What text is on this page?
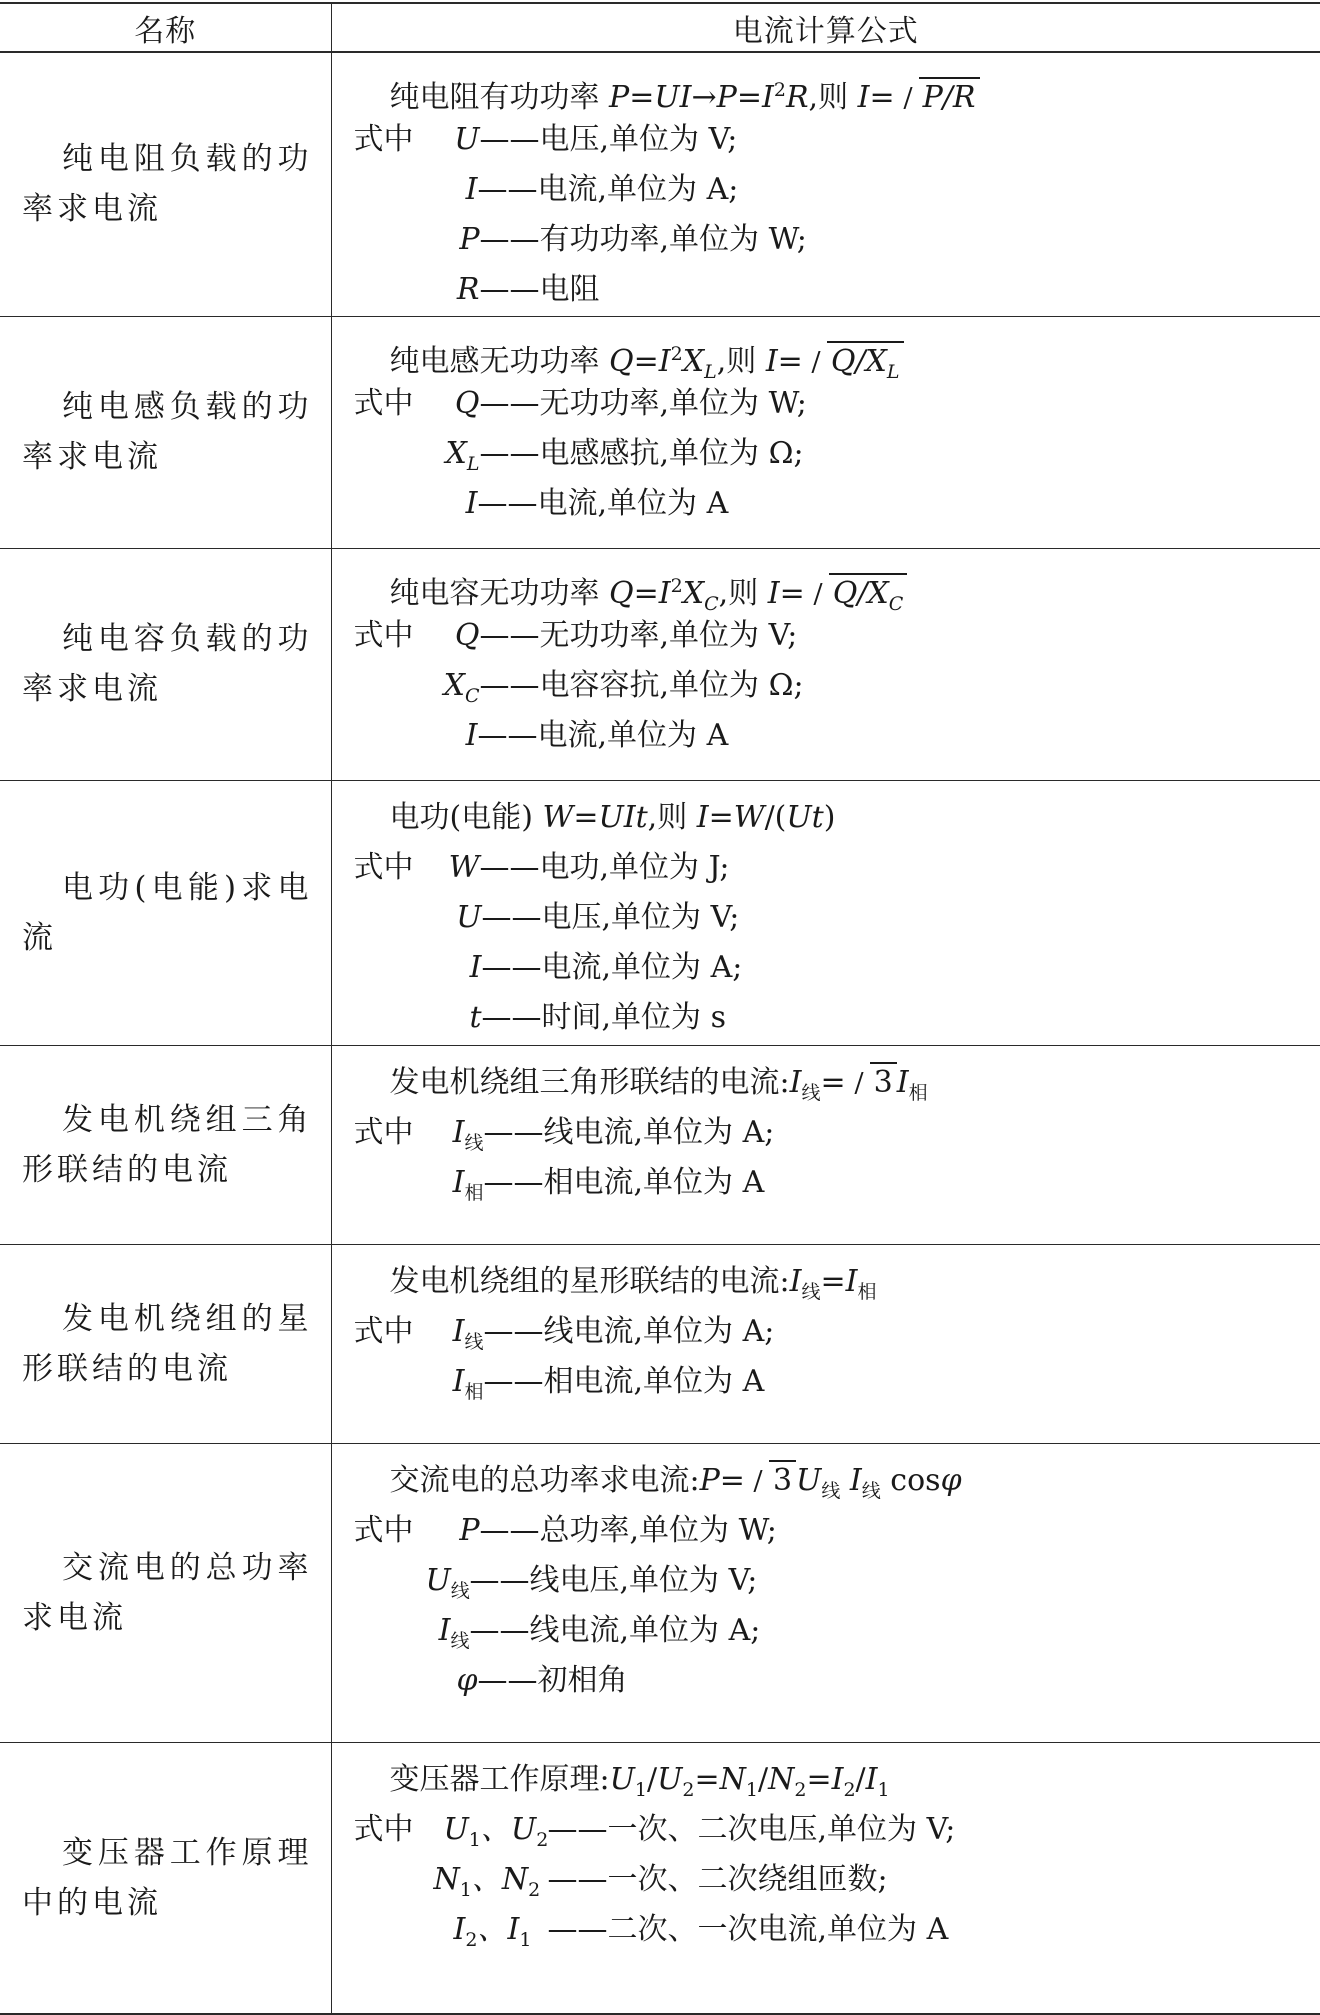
名称	电流计算公式

纯电阻负载的功率求电流	纯电阻有功功率 $P=UI\to P=I^2R$,则 I= P/R
式中 U——电压,单位为 V;
I——电流,单位为 A;
P——有功功率,单位为 W;
R——电阻

纯电感负载的功率求电流	纯电感无功功率 $Q=I^2X_L$,则 $I= Q/X_L$
式中 Q——无功功率,单位为 W;
$X_L——$电感感抗,单位为 Ω;
I——电流,单位为 A

纯电容负载的功率求电流	纯电容无功功率 $Q=I^2X_C$,则 $I= Q/X_C$
式中 Q——无功功率,单位为 V;
$X_C——$电容容抗,单位为 Ω;
I——电流,单位为 A

电功(电能)求电流	电功(电能) W=UIt,则 I=W/(Ut)
式中 W——电功,单位为 J;
U——电压,单位为 V;
I——电流,单位为 A;
t——时间,单位为 s

发电机绕组三角形联结的电流	发电机绕组三角形联结的电流$:I_线= 3$ $I_相$
式中 $I_线——$线电流,单位为 A;
$I_相——$相电流,单位为 A

发电机绕组的星形联结的电流	发电机绕组的星形联结的电流$:I_线=I_相$
式中 $I_线——$线电流,单位为 A;
$I_相——$相电流,单位为 A

交流电的总功率求电流	交流电的总功率求电流:P= 3 $U_线$ $I_线$ cosφ
式中 P——总功率,单位为 W;
$U_线——$线电压,单位为 V;
$I_线——$线电流,单位为 A;
φ——初相角

变压器工作原理中的电流	变压器工作原理$:U_1/U_2=N_1/N_2=I_2/I_1$
式中 $U_1$、$U_2——$一次、二次电压,单位为 V;
$N_1$、$N_2$ ——一次、二次绕组匝数;
$I_2$、$I_1$ ——二次、一次电流,单位为 A
